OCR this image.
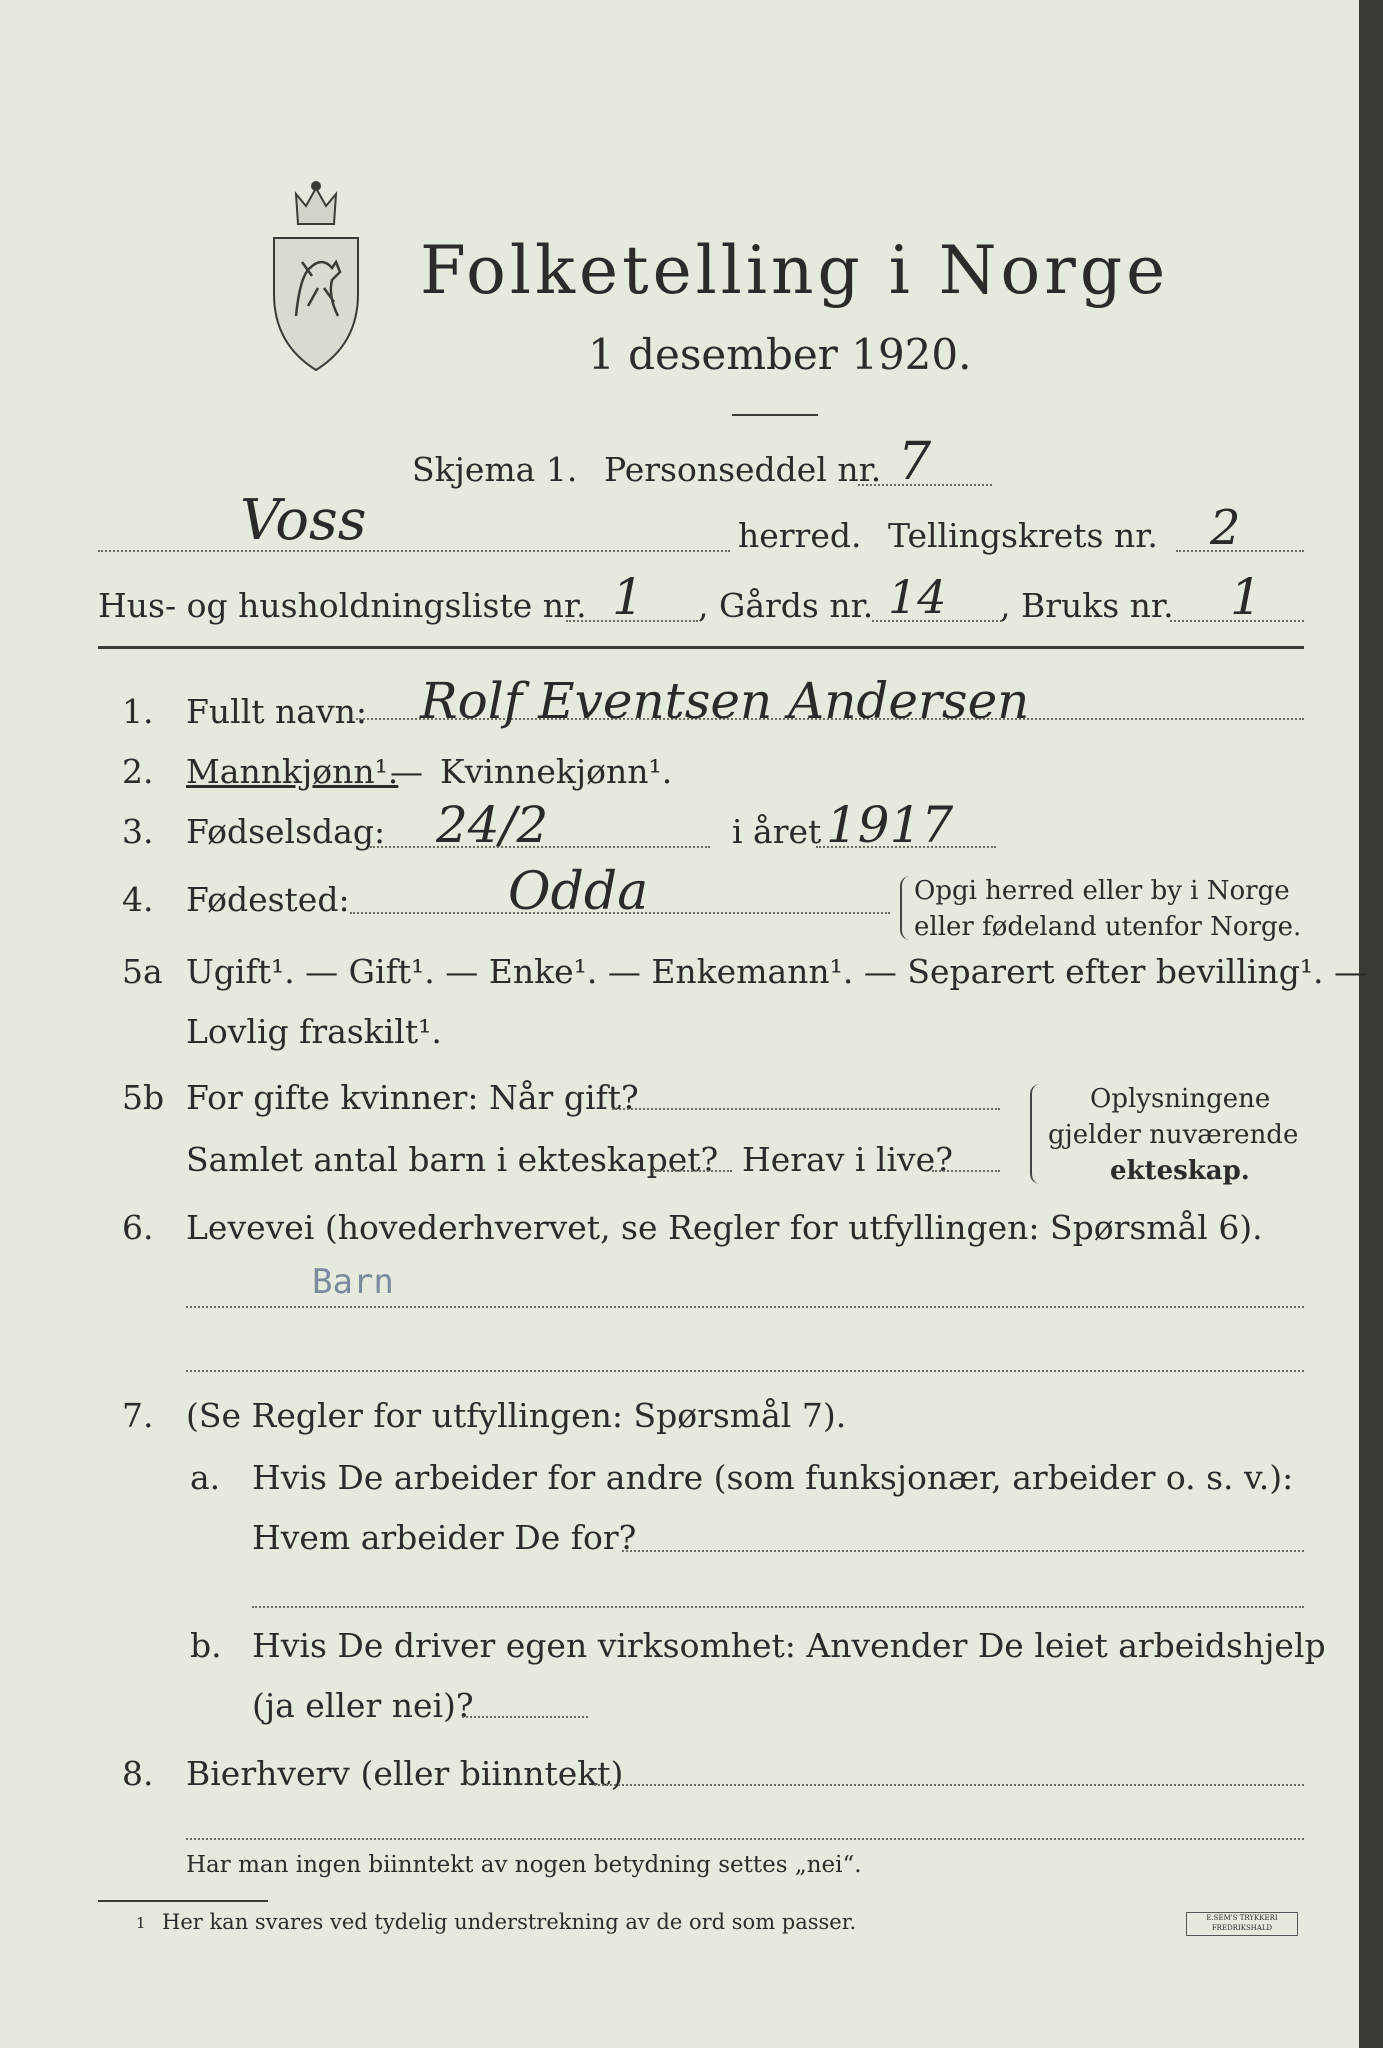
Folketelling i Norge
1 desember 1920.
Skjema 1. Personseddel nr. 7
Voss	herred. Tellingskrets nr. 2
Hus- og husholdningsliste nr. 1 , Gårds nr. 14 , Bruks nr. 1
1. Fullt navn: Rolf Eventsen Andersen
2. Mannkjønn¹.
— Kvinnekjønn¹.
3. Fødselsdag: 24/2	i året 1917
4. Fødested:	Odda	Opgi herred eller by i Norge
eller fødeland utenfor Norge.
5a Ugift¹. — Gift¹. — Enke¹. — Enkemann¹. — Separert efter bevilling¹. —
Lovlig fraskilt¹.
5b For gifte kvinner: Når gift?
Samlet antal barn i ekteskapet? Herav i live?
Oplysningene
gjelder nuværende
ekteskap.
6. Levevei (hovederhvervet, se Regler for utfyllingen: Spørsmål 6).
Barn
7. (Se Regler for utfyllingen: Spørsmål 7).
a. Hvis De arbeider for andre (som funksjonær, arbeider o. s. v.):
Hvem arbeider De for?
b. Hvis De driver egen virksomhet: Anvender De leiet arbeidshjelp
(ja eller nei)?
8. Bierhverv (eller biinntekt)
Har man ingen biinntekt av nogen betydning settes „nei“.
1 Her kan svares ved tydelig understrekning av de ord som passer.	E.SEM'S TRYKKERI FREDRIKSHALD
